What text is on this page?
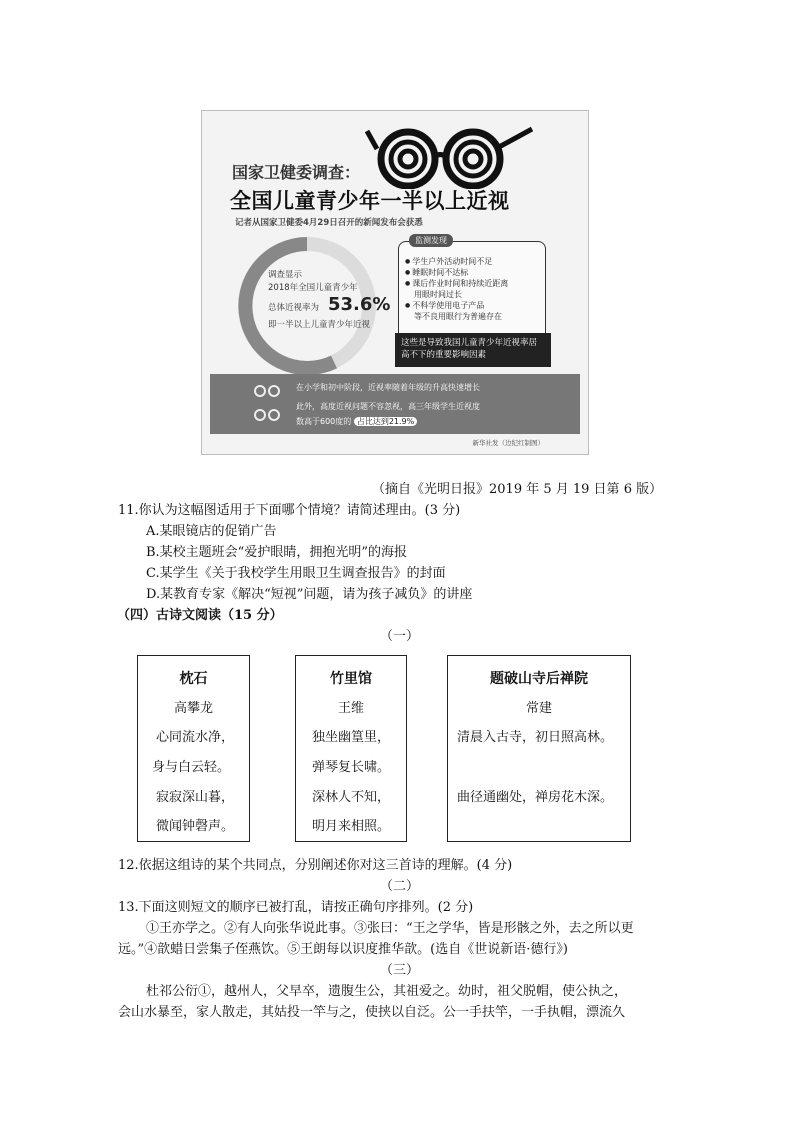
国家卫健委调查：
全国儿童青少年一半以上近视
记者从国家卫健委4月29日召开的新闻发布会获悉
调查显示
2018年全国儿童青少年
总体近视率为 53.6%
即一半以上儿童青少年近视
监测发现
● 学生户外活动时间不足
● 睡眠时间不达标
● 课后作业时间和持续近距离
用眼时间过长
● 不科学使用电子产品
等不良用眼行为普遍存在
这些是导致我国儿童青少年近视率居高不下的重要影响因素
在小学和初中阶段，近视率随着年级的升高快速增长
此外，高度近视问题不容忽视，高三年级学生近视度
数高于600度的 占比达到21.9%
新华社发（边纪红制图）
（摘自《光明日报》2019 年 5 月 19 日第 6 版）
11.你认为这幅图适用于下面哪个情境？请简述理由。(3 分)
A.某眼镜店的促销广告
B.某校主题班会“爱护眼睛，拥抱光明”的海报
C.某学生《关于我校学生用眼卫生调查报告》的封面
D.某教育专家《解决“短视”问题，请为孩子减负》的讲座
（四）古诗文阅读（15 分）
（一）
枕石
高攀龙
心同流水净，
身与白云轻。
寂寂深山暮，
微闻钟磬声。
竹里馆
王维
独坐幽篁里，
弹琴复长啸。
深林人不知，
明月来相照。
题破山寺后禅院
常建
清晨入古寺，初日照高林。
曲径通幽处，禅房花木深。
12.依据这组诗的某个共同点，分别阐述你对这三首诗的理解。(4 分)
（二）
13.下面这则短文的顺序已被打乱，请按正确句序排列。(2 分)
①王亦学之。②有人向张华说此事。③张曰：“王之学华，皆是形骸之外，去之所以更
远。”④歆蜡日尝集子侄燕饮。⑤王朗每以识度推华歆。(选自《世说新语·德行》)
（三）
杜祁公衍①，越州人，父早卒，遗腹生公，其祖爱之。幼时，祖父脱帽，使公执之，
会山水暴至，家人散走，其姑投一竿与之，使挟以自泛。公一手扶竿，一手执帽，漂流久
